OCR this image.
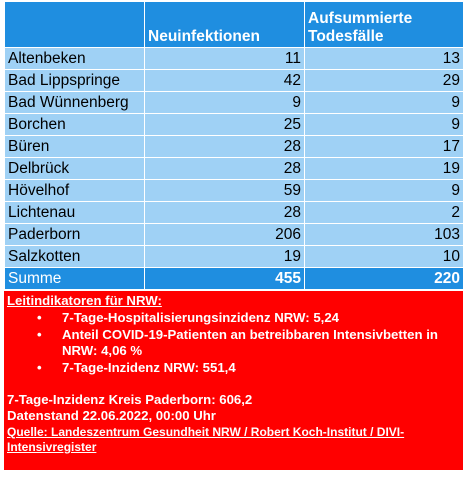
	Neuinfektionen	Aufsummierte Todesfälle
Altenbeken	11	13
Bad Lippspringe	42	29
Bad Wünnenberg	9	9
Borchen	25	9
Büren	28	17
Delbrück	28	19
Hövelhof	59	9
Lichtenau	28	2
Paderborn	206	103
Salzkotten	19	10
Summe	455	220
Leitindikatoren für NRW:
• 7-Tage-Hospitalisierungsinzidenz NRW: 5,24
• Anteil COVID-19-Patienten an betreibbaren Intensivbetten in NRW: 4,06 %
• 7-Tage-Inzidenz NRW: 551,4
7-Tage-Inzidenz Kreis Paderborn: 606,2
Datenstand 22.06.2022, 00:00 Uhr
Quelle: Landeszentrum Gesundheit NRW / Robert Koch-Institut / DIVI-Intensivregister
